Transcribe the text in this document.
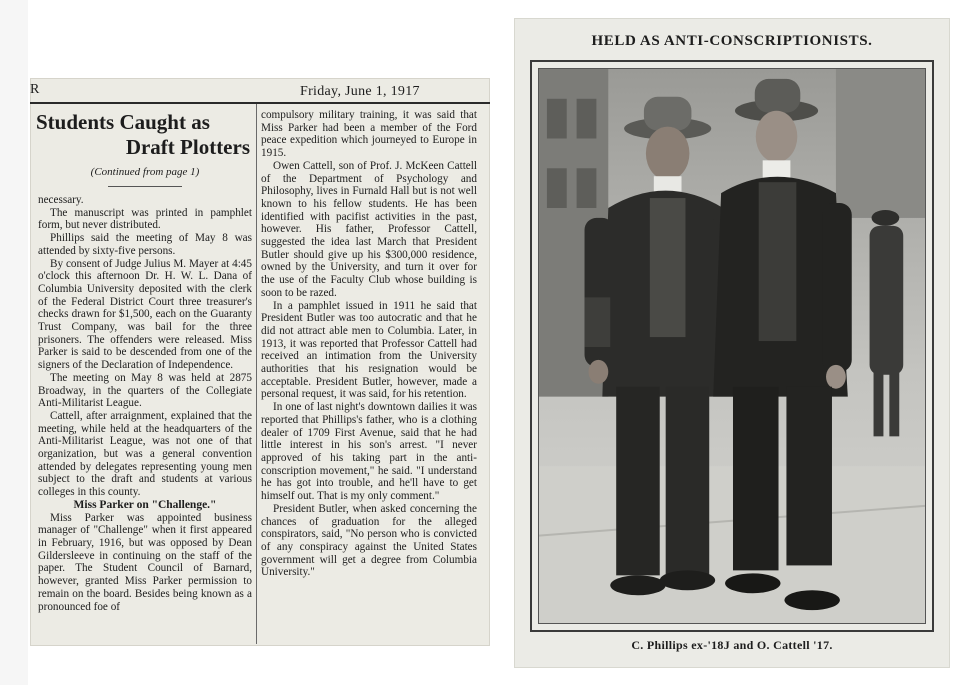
R	Friday, June 1, 1917
Students Caught as
Draft Plotters
(Continued from page 1)

necessary.

The manuscript was printed in pamphlet form, but never distributed.

Phillips said the meeting of May 8 was attended by sixty-five persons.

By consent of Judge Julius M. Mayer at 4:45 o'clock this afternoon Dr. H. W. L. Dana of Columbia University deposited with the clerk of the Federal District Court three treasurer's checks drawn for $1,500, each on the Guaranty Trust Company, was bail for the three prisoners. The offenders were released. Miss Parker is said to be descended from one of the signers of the Declaration of Independence.

The meeting on May 8 was held at 2875 Broadway, in the quarters of the Collegiate Anti-Militarist League.

Cattell, after arraignment, explained that the meeting, while held at the headquarters of the Anti-Militarist League, was not one of that organization, but was a general convention attended by delegates representing young men subject to the draft and students at various colleges in this county.

Miss Parker on "Challenge."

Miss Parker was appointed business manager of "Challenge" when it first appeared in February, 1916, but was opposed by Dean Gildersleeve in continuing on the staff of the paper. The Student Council of Barnard, however, granted Miss Parker permission to remain on the board. Besides being known as a pronounced foe of

compulsory military training, it was said that Miss Parker had been a member of the Ford peace expedition which journeyed to Europe in 1915.

Owen Cattell, son of Prof. J. McKeen Cattell of the Department of Psychology and Philosophy, lives in Furnald Hall but is not well known to his fellow students. He has been identified with pacifist activities in the past, however. His father, Professor Cattell, suggested the idea last March that President Butler should give up his $300,000 residence, owned by the University, and turn it over for the use of the Faculty Club whose building is soon to be razed.

In a pamphlet issued in 1911 he said that President Butler was too autocratic and that he did not attract able men to Columbia. Later, in 1913, it was reported that Professor Cattell had received an intimation from the University authorities that his resignation would be acceptable. President Butler, however, made a personal request, it was said, for his retention.

In one of last night's downtown dailies it was reported that Phillips's father, who is a clothing dealer of 1709 First Avenue, said that he had little interest in his son's arrest. "I never approved of his taking part in the anti-conscription movement," he said. "I understand he has got into trouble, and he'll have to get himself out. That is my only comment."

President Butler, when asked concerning the chances of graduation for the alleged conspirators, said, "No person who is convicted of any conspiracy against the United States government will get a degree from Columbia University."

HELD AS ANTI-CONSCRIPTIONISTS.
C. Phillips ex-'18J and O. Cattell '17.
